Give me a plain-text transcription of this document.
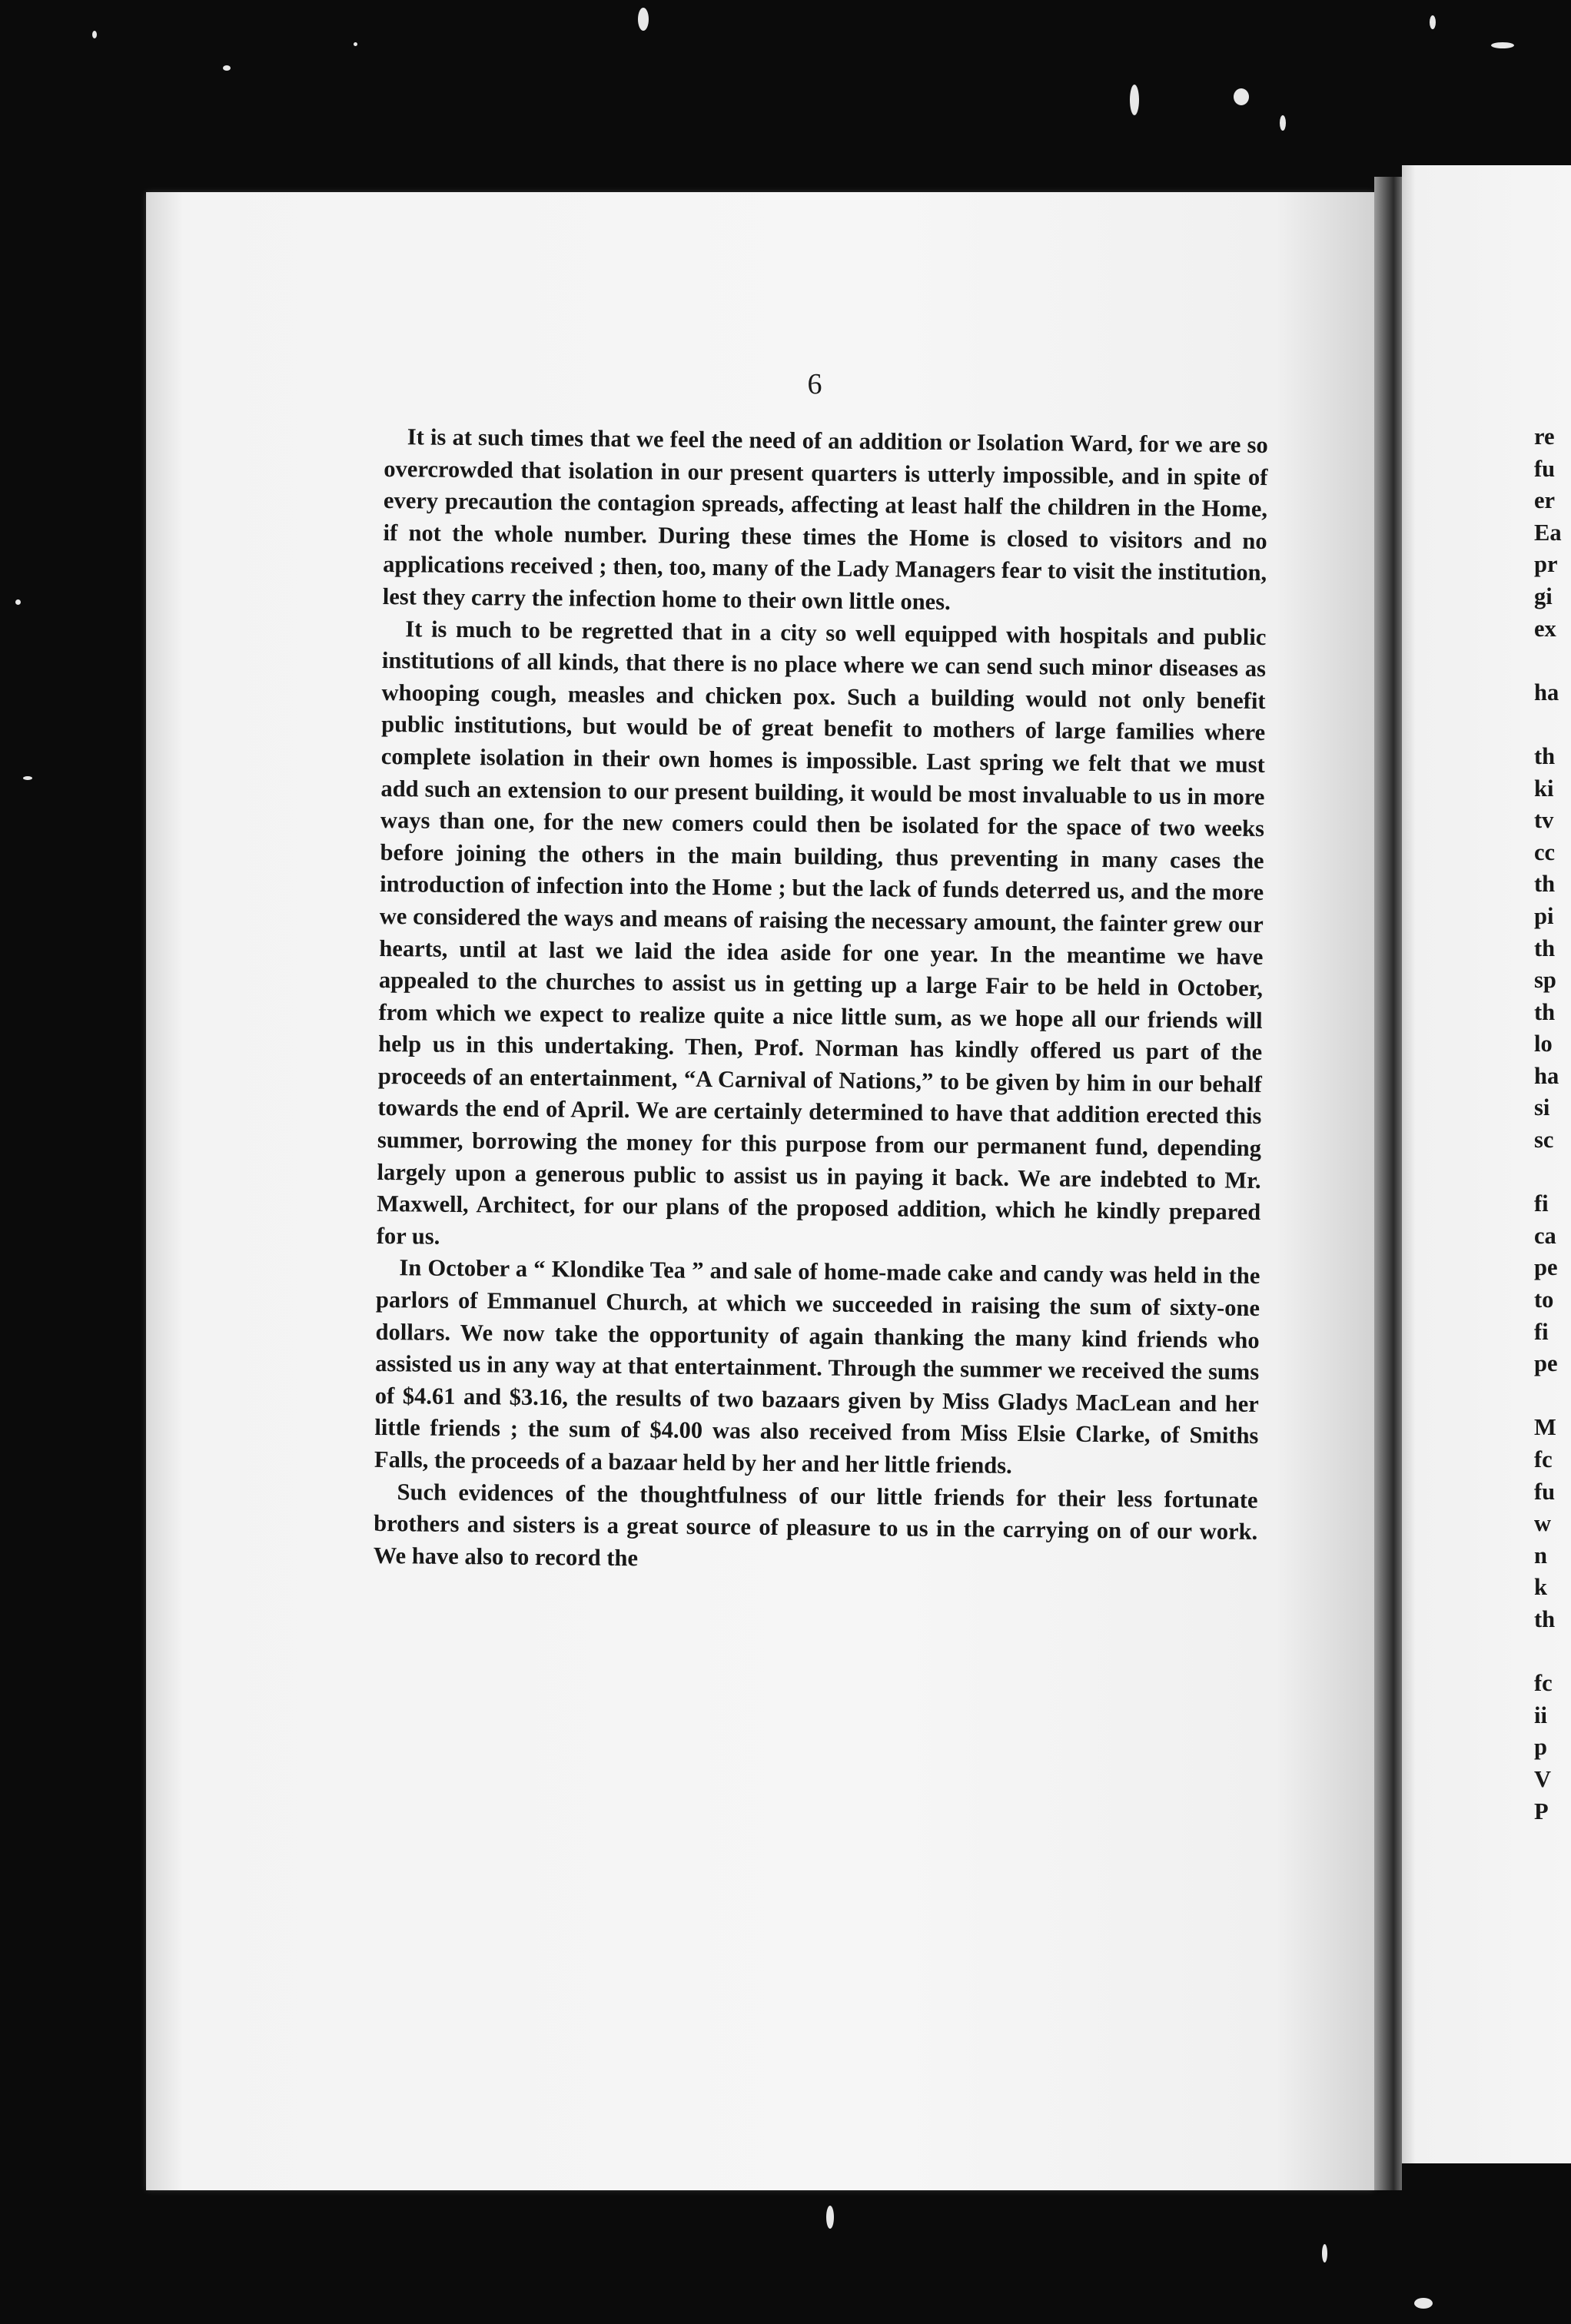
6

It is at such times that we feel the need of an addition or Isolation Ward, for we are so overcrowded that isolation in our present quarters is utterly impossible, and in spite of every precaution the contagion spreads, affecting at least half the children in the Home, if not the whole number. During these times the Home is closed to visitors and no applications received ; then, too, many of the Lady Managers fear to visit the institution, lest they carry the infection home to their own little ones.

It is much to be regretted that in a city so well equipped with hospitals and public institutions of all kinds, that there is no place where we can send such minor diseases as whooping cough, measles and chicken pox. Such a building would not only benefit public institutions, but would be of great benefit to mothers of large families where complete isolation in their own homes is impossible. Last spring we felt that we must add such an extension to our present building, it would be most invaluable to us in more ways than one, for the new comers could then be isolated for the space of two weeks before joining the others in the main building, thus preventing in many cases the introduction of infection into the Home ; but the lack of funds deterred us, and the more we considered the ways and means of raising the necessary amount, the fainter grew our hearts, until at last we laid the idea aside for one year. In the meantime we have appealed to the churches to assist us in getting up a large Fair to be held in October, from which we expect to realize quite a nice little sum, as we hope all our friends will help us in this undertaking. Then, Prof. Norman has kindly offered us part of the proceeds of an entertainment, “A Carnival of Nations,” to be given by him in our behalf towards the end of April. We are certainly determined to have that addition erected this summer, borrowing the money for this purpose from our permanent fund, depending largely upon a generous public to assist us in paying it back. We are indebted to Mr. Maxwell, Architect, for our plans of the proposed addition, which he kindly prepared for us.

In October a “ Klondike Tea ” and sale of home-made cake and candy was held in the parlors of Emmanuel Church, at which we succeeded in raising the sum of sixty-one dollars. We now take the opportunity of again thanking the many kind friends who assisted us in any way at that entertainment. Through the summer we received the sums of $4.61 and $3.16, the results of two bazaars given by Miss Gladys MacLean and her little friends ; the sum of $4.00 was also received from Miss Elsie Clarke, of Smiths Falls, the proceeds of a bazaar held by her and her little friends.

Such evidences of the thoughtfulness of our little friends for their less fortunate brothers and sisters is a great source of pleasure to us in the carrying on of our work. We have also to record the

re
fu
er
Ea
pr
gi
ex

ha

th
ki
tv
cc
th
pi
th
sp
th
lo
ha
si
sc

fi
ca
pe
to
fi
pe

M
fc
fu
w
n
k
th

fc
ii
p
V
P
